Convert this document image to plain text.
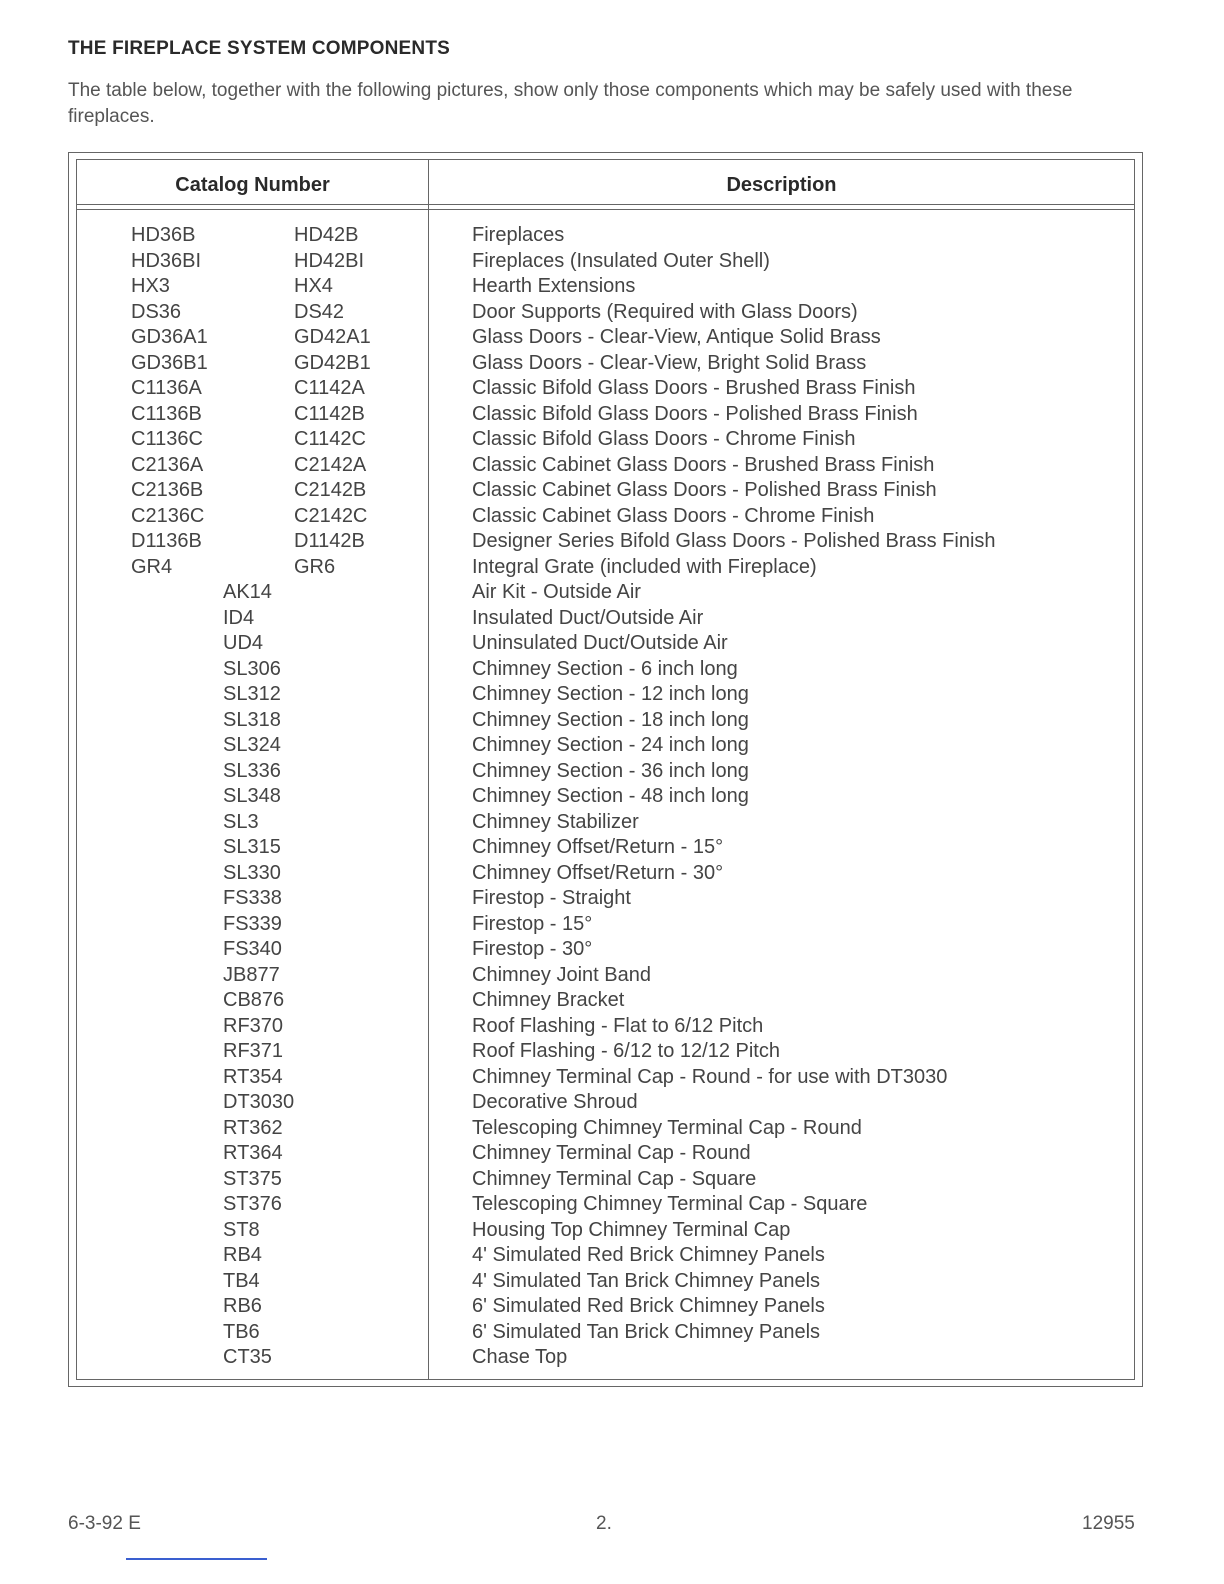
THE FIREPLACE SYSTEM COMPONENTS
The table below, together with the following pictures, show only those components which may be safely used with these fireplaces.
Catalog Number	Description
HD36B	HD42B	Fireplaces
HD36BI	HD42BI	Fireplaces (Insulated Outer Shell)
HX3	HX4	Hearth Extensions
DS36	DS42	Door Supports (Required with Glass Doors)
GD36A1	GD42A1	Glass Doors - Clear-View, Antique Solid Brass
GD36B1	GD42B1	Glass Doors - Clear-View, Bright Solid Brass
C1136A	C1142A	Classic Bifold Glass Doors - Brushed Brass Finish
C1136B	C1142B	Classic Bifold Glass Doors - Polished Brass Finish
C1136C	C1142C	Classic Bifold Glass Doors - Chrome Finish
C2136A	C2142A	Classic Cabinet Glass Doors - Brushed Brass Finish
C2136B	C2142B	Classic Cabinet Glass Doors - Polished Brass Finish
C2136C	C2142C	Classic Cabinet Glass Doors - Chrome Finish
D1136B	D1142B	Designer Series Bifold Glass Doors - Polished Brass Finish
GR4	GR6	Integral Grate (included with Fireplace)
AK14	Air Kit - Outside Air
ID4	Insulated Duct/Outside Air
UD4	Uninsulated Duct/Outside Air
SL306	Chimney Section - 6 inch long
SL312	Chimney Section - 12 inch long
SL318	Chimney Section - 18 inch long
SL324	Chimney Section - 24 inch long
SL336	Chimney Section - 36 inch long
SL348	Chimney Section - 48 inch long
SL3	Chimney Stabilizer
SL315	Chimney Offset/Return - 15°
SL330	Chimney Offset/Return - 30°
FS338	Firestop - Straight
FS339	Firestop - 15°
FS340	Firestop - 30°
JB877	Chimney Joint Band
CB876	Chimney Bracket
RF370	Roof Flashing - Flat to 6/12 Pitch
RF371	Roof Flashing - 6/12 to 12/12 Pitch
RT354	Chimney Terminal Cap - Round - for use with DT3030
DT3030	Decorative Shroud
RT362	Telescoping Chimney Terminal Cap - Round
RT364	Chimney Terminal Cap - Round
ST375	Chimney Terminal Cap - Square
ST376	Telescoping Chimney Terminal Cap - Square
ST8	Housing Top Chimney Terminal Cap
RB4	4' Simulated Red Brick Chimney Panels
TB4	4' Simulated Tan Brick Chimney Panels
RB6	6' Simulated Red Brick Chimney Panels
TB6	6' Simulated Tan Brick Chimney Panels
CT35	Chase Top
6-3-92 E	2.	12955
